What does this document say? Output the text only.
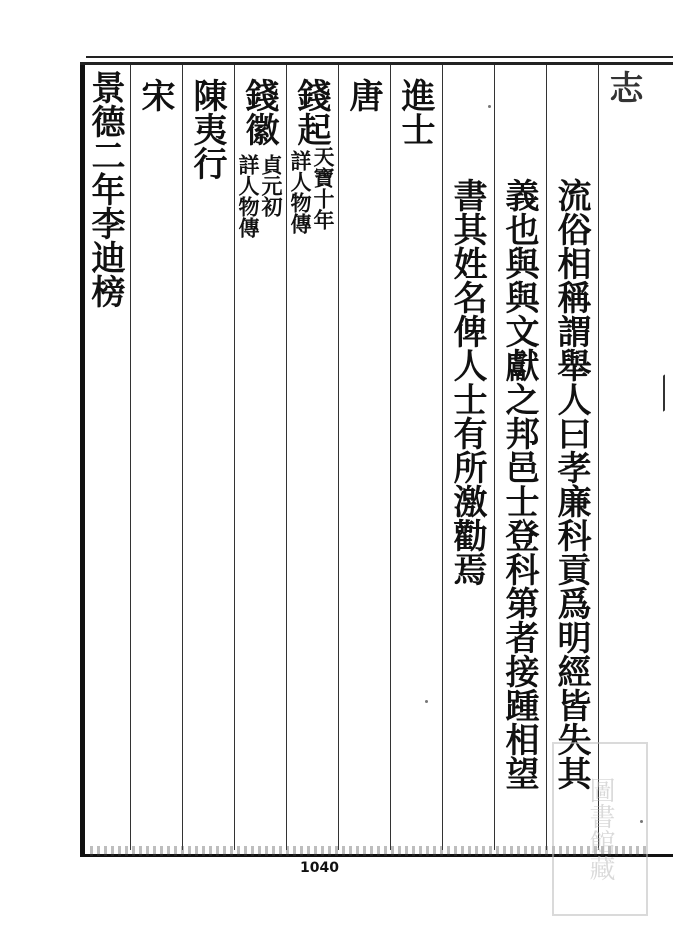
志
流俗相稱謂舉人曰孝廉科貢爲明經皆失其
義也與與文獻之邦邑士登科第者接踵相望
書其姓名俾人士有所激勸焉
進士
唐
錢起
天寶十年
詳人物傳
錢徽
貞元初
詳人物傳
陳夷行
宋
景德二年李迪榜
圖書館藏
1040
